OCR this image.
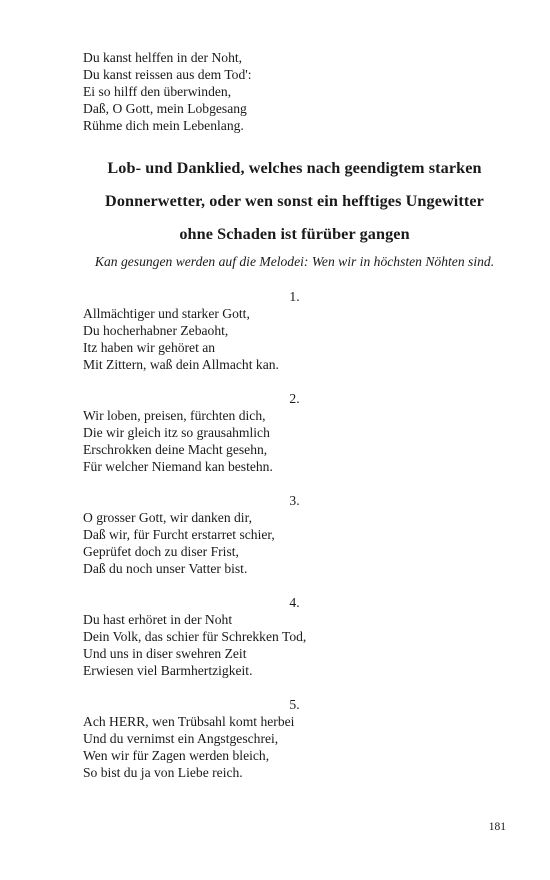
Du kanst helffen in der Noht,
Du kanst reissen aus dem Tod':
Ei so hilff den überwinden,
Daß, O Gott, mein Lobgesang
Rühme dich mein Lebenlang.
Lob- und Danklied, welches nach geendigtem starken
Donnerwetter, oder wen sonst ein hefftiges Ungewitter
ohne Schaden ist fürüber gangen

Kan gesungen werden auf die Melodei: Wen wir in höchsten Nöhten sind.

1.
Allmächtiger und starker Gott,
Du hocherhabner Zebaoht,
Itz haben wir gehöret an
Mit Zittern, waß dein Allmacht kan.
2.
Wir loben, preisen, fürchten dich,
Die wir gleich itz so grausahmlich
Erschrokken deine Macht gesehn,
Für welcher Niemand kan bestehn.
3.
O grosser Gott, wir danken dir,
Daß wir, für Furcht erstarret schier,
Geprüfet doch zu diser Frist,
Daß du noch unser Vatter bist.
4.
Du hast erhöret in der Noht
Dein Volk, das schier für Schrekken Tod,
Und uns in diser swehren Zeit
Erwiesen viel Barmhertzigkeit.
5.
Ach HERR, wen Trübsahl komt herbei
Und du vernimst ein Angstgeschrei,
Wen wir für Zagen werden bleich,
So bist du ja von Liebe reich.
181
